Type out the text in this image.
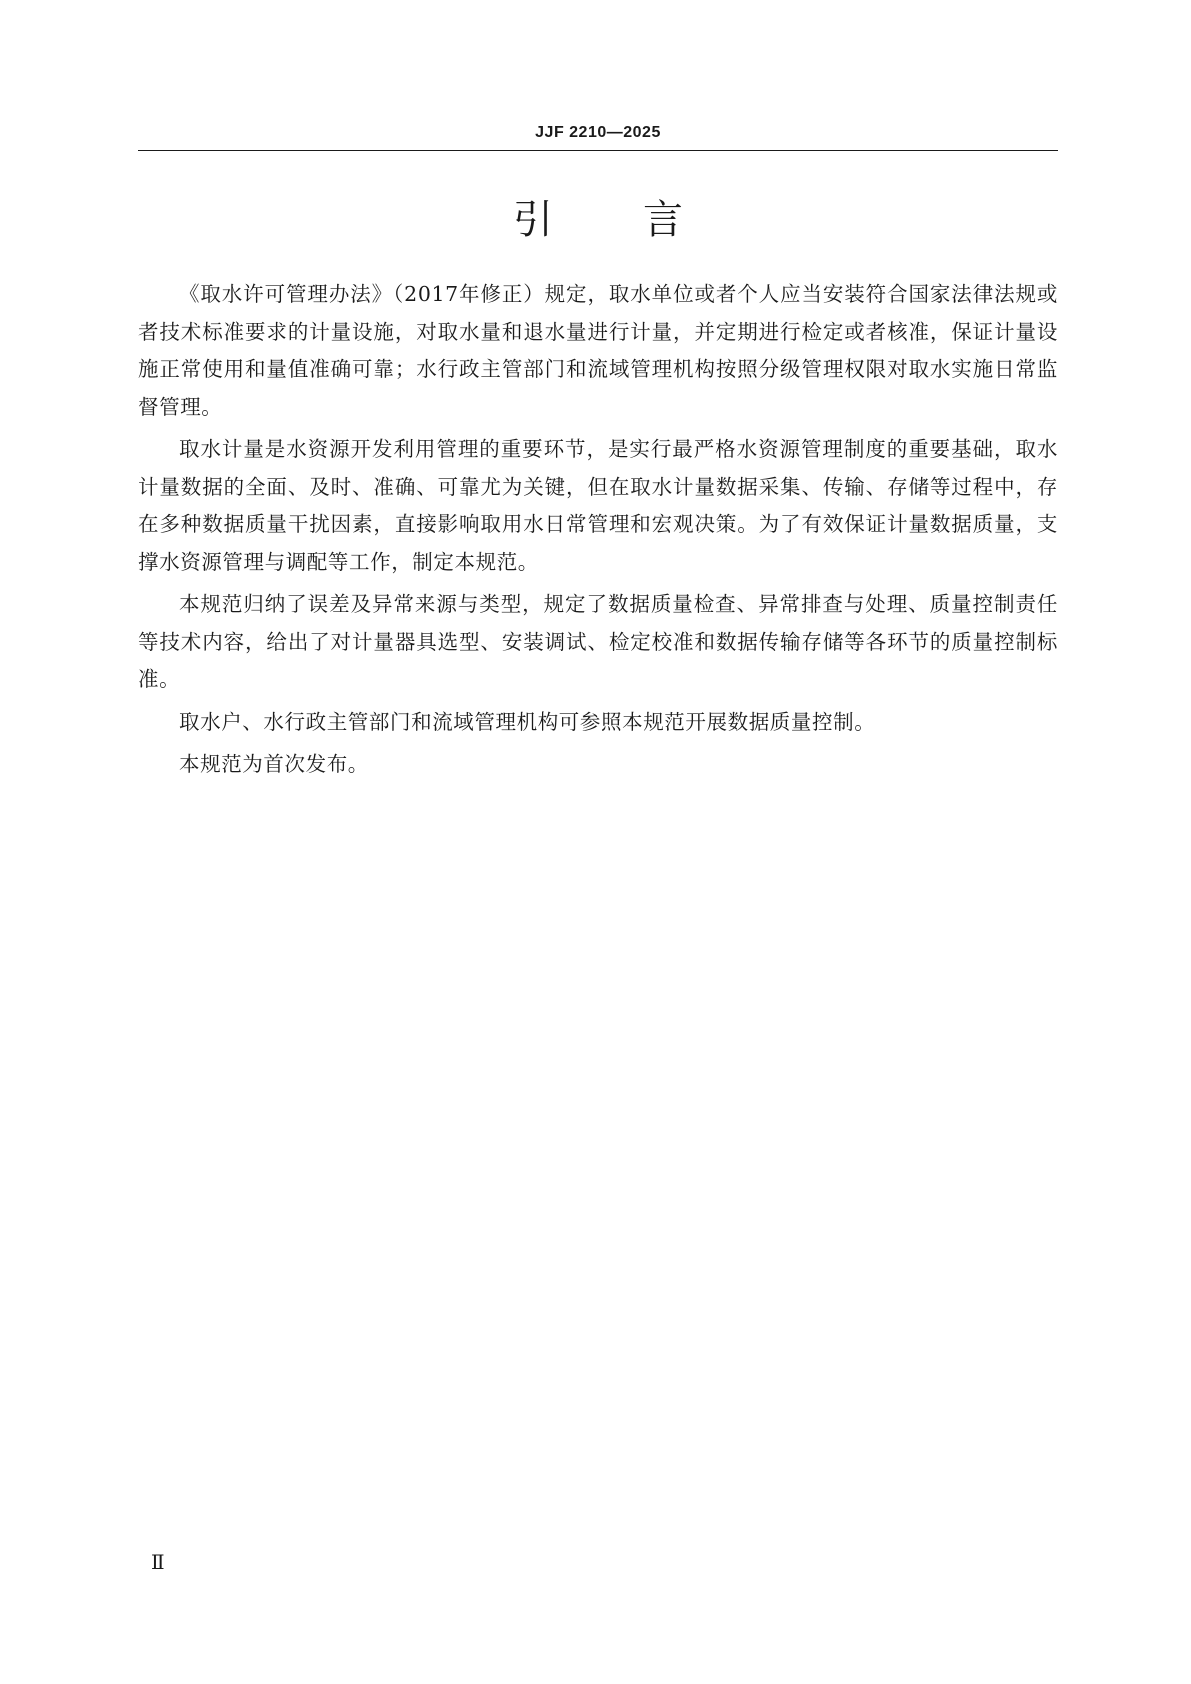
JJF 2210—2025
引言

《取水许可管理办法》（2017年修正）规定，取水单位或者个人应当安装符合国家法律法规或者技术标准要求的计量设施，对取水量和退水量进行计量，并定期进行检定或者核准，保证计量设施正常使用和量值准确可靠；水行政主管部门和流域管理机构按照分级管理权限对取水实施日常监督管理。

取水计量是水资源开发利用管理的重要环节，是实行最严格水资源管理制度的重要基础，取水计量数据的全面、及时、准确、可靠尤为关键，但在取水计量数据采集、传输、存储等过程中，存在多种数据质量干扰因素，直接影响取用水日常管理和宏观决策。为了有效保证计量数据质量，支撑水资源管理与调配等工作，制定本规范。

本规范归纳了误差及异常来源与类型，规定了数据质量检查、异常排查与处理、质量控制责任等技术内容，给出了对计量器具选型、安装调试、检定校准和数据传输存储等各环节的质量控制标准。

取水户、水行政主管部门和流域管理机构可参照本规范开展数据质量控制。

本规范为首次发布。

Ⅱ
